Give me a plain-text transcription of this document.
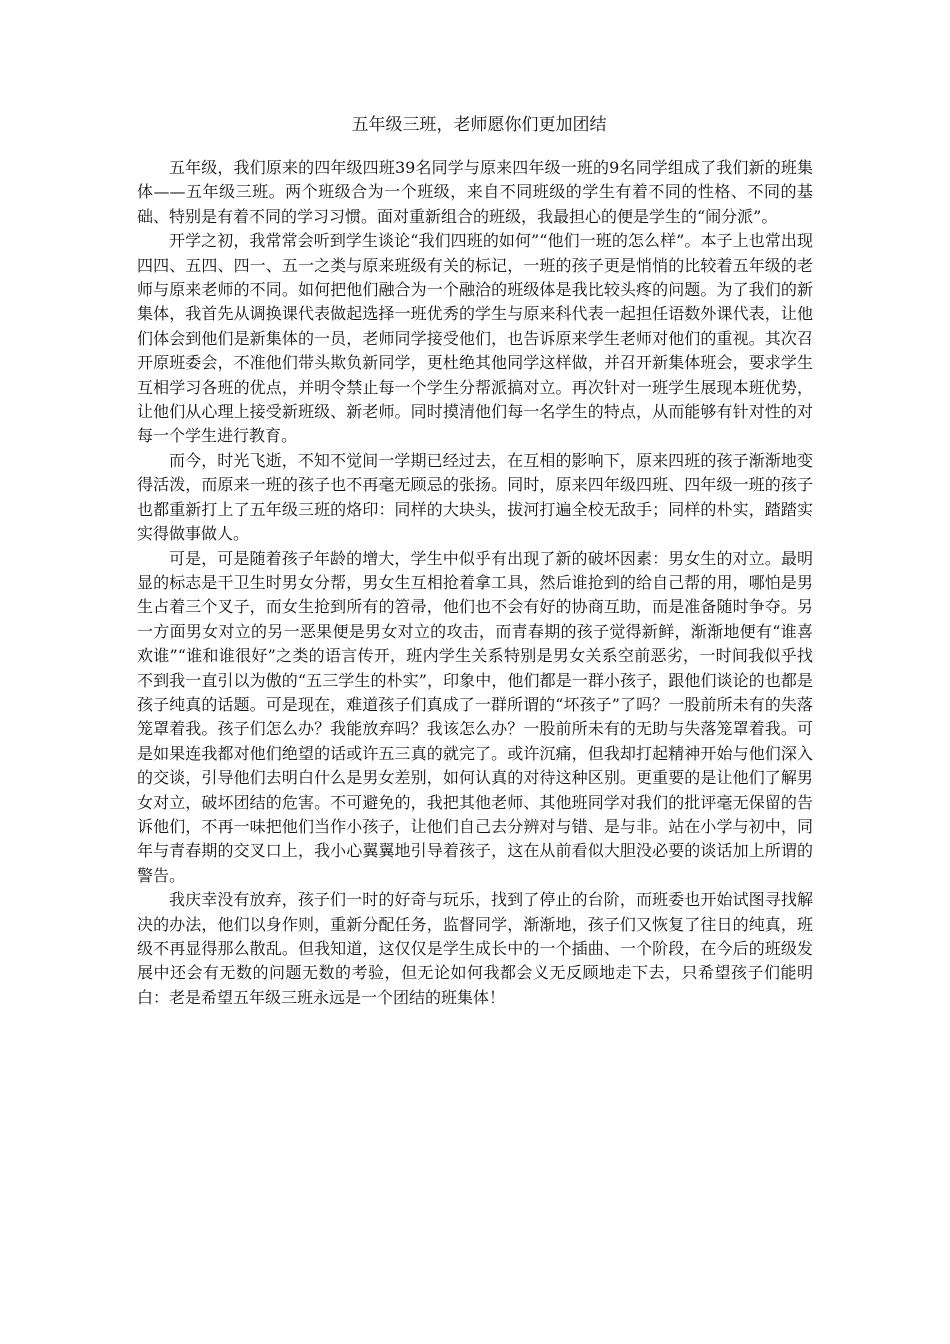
五年级三班，老师愿你们更加团结

五年级，我们原来的四年级四班39名同学与原来四年级一班的9名同学组成了我们新的班集体——五年级三班。两个班级合为一个班级，来自不同班级的学生有着不同的性格、不同的基础、特别是有着不同的学习习惯。面对重新组合的班级，我最担心的便是学生的“闹分派”。

开学之初，我常常会听到学生谈论“我们四班的如何”“他们一班的怎么样”。本子上也常出现四四、五四、四一、五一之类与原来班级有关的标记，一班的孩子更是悄悄的比较着五年级的老师与原来老师的不同。如何把他们融合为一个融洽的班级体是我比较头疼的问题。为了我们的新集体，我首先从调换课代表做起选择一班优秀的学生与原来科代表一起担任语数外课代表，让他们体会到他们是新集体的一员，老师同学接受他们，也告诉原来学生老师对他们的重视。其次召开原班委会，不准他们带头欺负新同学，更杜绝其他同学这样做，并召开新集体班会，要求学生互相学习各班的优点，并明令禁止每一个学生分帮派搞对立。再次针对一班学生展现本班优势，让他们从心理上接受新班级、新老师。同时摸清他们每一名学生的特点，从而能够有针对性的对每一个学生进行教育。

而今，时光飞逝，不知不觉间一学期已经过去，在互相的影响下，原来四班的孩子渐渐地变得活泼，而原来一班的孩子也不再毫无顾忌的张扬。同时，原来四年级四班、四年级一班的孩子也都重新打上了五年级三班的烙印：同样的大块头，拔河打遍全校无敌手；同样的朴实，踏踏实实得做事做人。

可是，可是随着孩子年龄的增大，学生中似乎有出现了新的破坏因素：男女生的对立。最明显的标志是干卫生时男女分帮，男女生互相抢着拿工具，然后谁抢到的给自己帮的用，哪怕是男生占着三个叉子，而女生抢到所有的笤帚，他们也不会有好的协商互助，而是准备随时争夺。另一方面男女对立的另一恶果便是男女对立的攻击，而青春期的孩子觉得新鲜，渐渐地便有“谁喜欢谁”“谁和谁很好”之类的语言传开，班内学生关系特别是男女关系空前恶劣，一时间我似乎找不到我一直引以为傲的“五三学生的朴实”，印象中，他们都是一群小孩子，跟他们谈论的也都是孩子纯真的话题。可是现在，难道孩子们真成了一群所谓的“坏孩子”了吗？一股前所未有的失落笼罩着我。孩子们怎么办？我能放弃吗？我该怎么办？一股前所未有的无助与失落笼罩着我。可是如果连我都对他们绝望的话或许五三真的就完了。或许沉痛，但我却打起精神开始与他们深入的交谈，引导他们去明白什么是男女差别，如何认真的对待这种区别。更重要的是让他们了解男女对立，破坏团结的危害。不可避免的，我把其他老师、其他班同学对我们的批评毫无保留的告诉他们，不再一味把他们当作小孩子，让他们自己去分辨对与错、是与非。站在小学与初中，同年与青春期的交叉口上，我小心翼翼地引导着孩子，这在从前看似大胆没必要的谈话加上所谓的警告。

我庆幸没有放弃，孩子们一时的好奇与玩乐，找到了停止的台阶，而班委也开始试图寻找解决的办法，他们以身作则，重新分配任务，监督同学，渐渐地，孩子们又恢复了往日的纯真，班级不再显得那么散乱。但我知道，这仅仅是学生成长中的一个插曲、一个阶段，在今后的班级发展中还会有无数的问题无数的考验，但无论如何我都会义无反顾地走下去，只希望孩子们能明白：老是希望五年级三班永远是一个团结的班集体！
